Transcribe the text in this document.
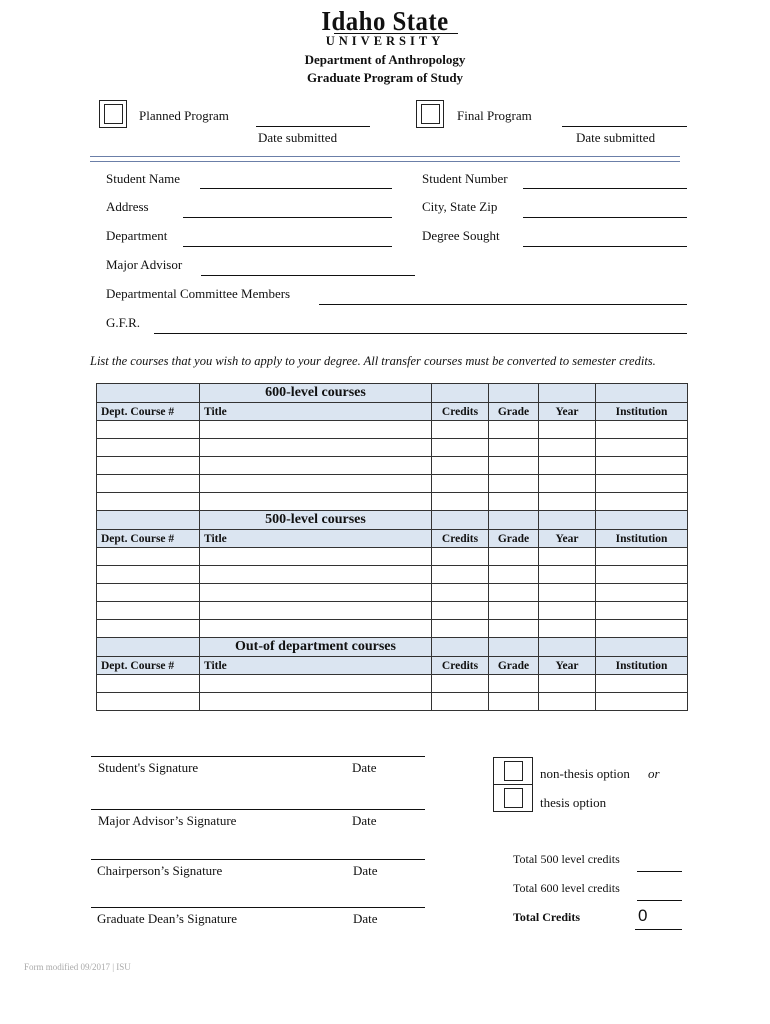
Idaho State
UNIVERSITY
Department of Anthropology
Graduate Program of Study
Planned Program
Date submitted
Final Program
Date submitted
Student Name	Student Number
Address	City, State Zip
Department	Degree Sought
Major Advisor
Departmental Committee Members
G.F.R.
List the courses that you wish to apply to your degree. All transfer courses must be converted to semester credits.
	600-level courses				
Dept. Course #	Title	Credits	Grade	Year	Institution

	500-level courses				
Dept. Course #	Title	Credits	Grade	Year	Institution

	Out-of department courses				
Dept. Course #	Title	Credits	Grade	Year	Institution

Student's Signature	Date
Major Advisor’s Signature	Date
Chairperson’s Signature	Date
Graduate Dean’s Signature	Date
non-thesis option or
thesis option
Total 500 level credits
Total 600 level credits
Total Credits	0
Form modified 09/2017 | ISU
